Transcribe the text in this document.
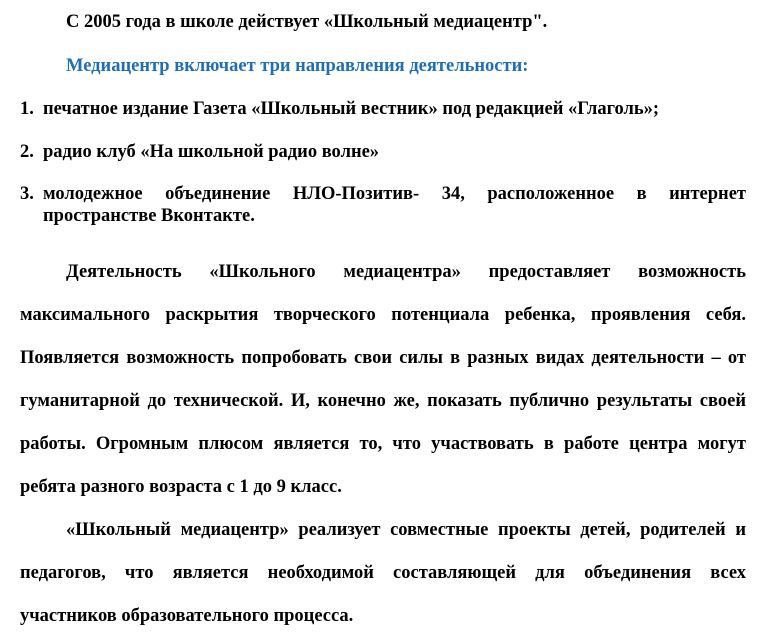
С 2005 года в школе действует «Школьный медиацентр".
Медиацентр включает три направления деятельности:
1. печатное издание Газета «Школьный вестник» под редакцией «Глаголь»;
2. радио клуб «На школьной радио волне»
3. молодежное объединение НЛО-Позитив- 34, расположенное в интернет
пространстве Вконтакте.
Деятельность «Школьного медиацентра» предоставляет возможность
максимального раскрытия творческого потенциала ребенка, проявления себя.
Появляется возможность попробовать свои силы в разных видах деятельности – от
гуманитарной до технической. И, конечно же, показать публично результаты своей
работы. Огромным плюсом является то, что участвовать в работе центра могут
ребята разного возраста с 1 до 9 класс.
«Школьный медиацентр» реализует совместные проекты детей, родителей и
педагогов, что является необходимой составляющей для объединения всех
участников образовательного процесса.
